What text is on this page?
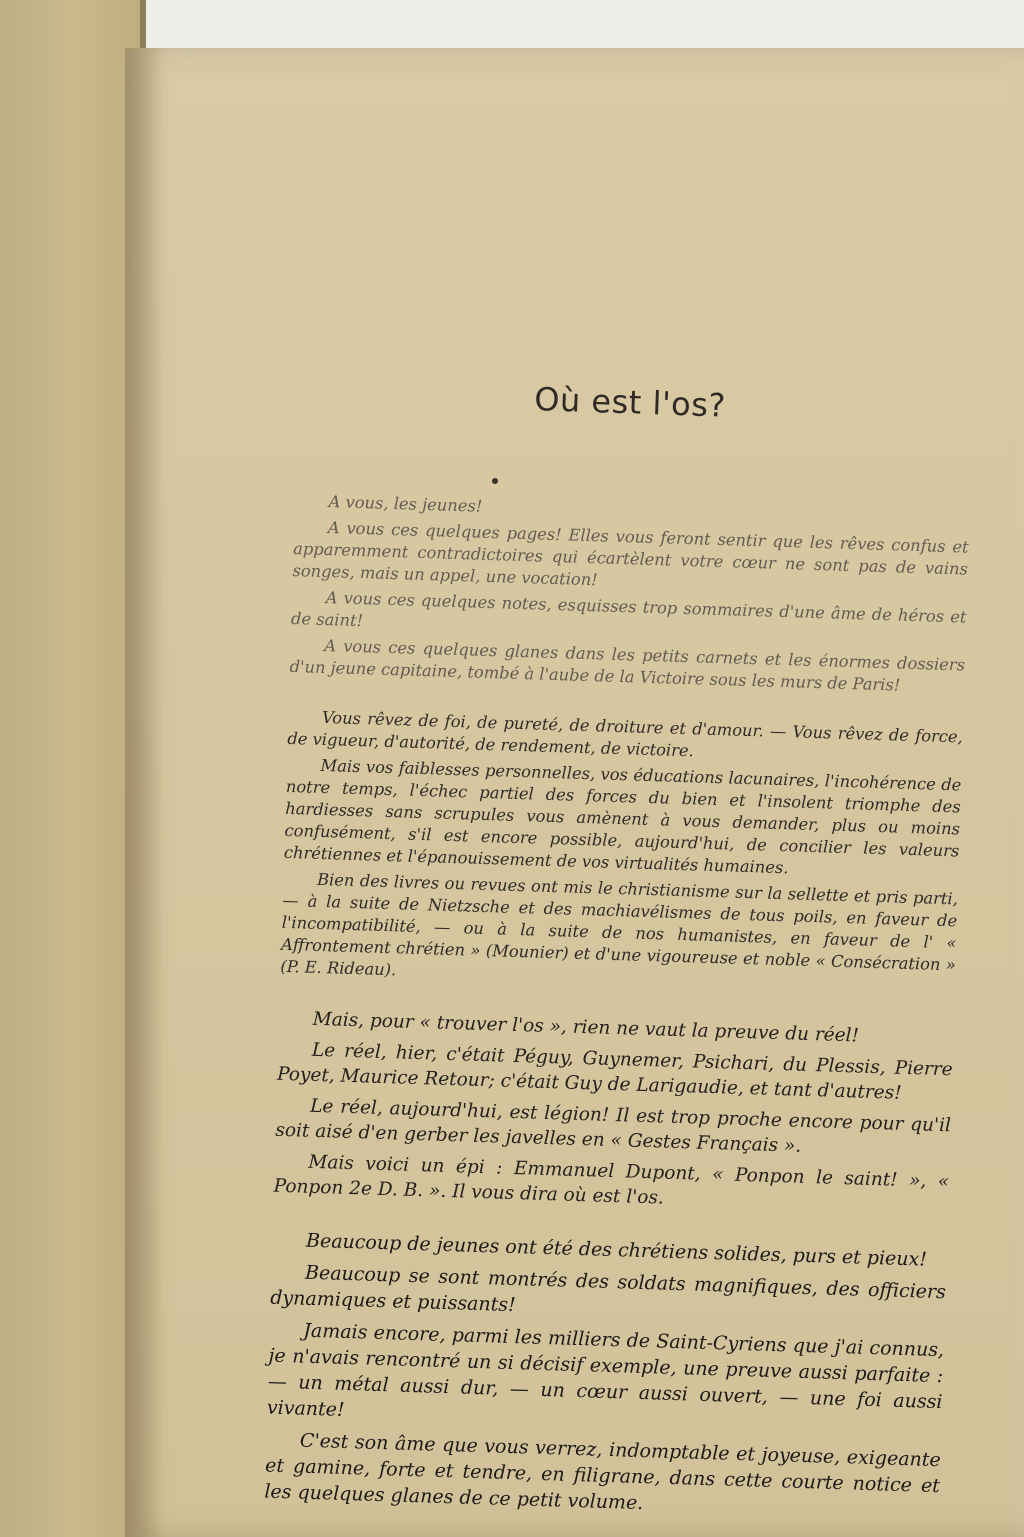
Où est l'os?

A vous, les jeunes!

A vous ces quelques pages! Elles vous feront sentir que les rêves confus et apparemment contradictoires qui écartèlent votre cœur ne sont pas de vains songes, mais un appel, une vocation!

A vous ces quelques notes, esquisses trop sommaires d'une âme de héros et de saint!

A vous ces quelques glanes dans les petits carnets et les énormes dossiers d'un jeune capitaine, tombé à l'aube de la Victoire sous les murs de Paris!

Vous rêvez de foi, de pureté, de droiture et d'amour. — Vous rêvez de force, de vigueur, d'autorité, de rendement, de victoire.

Mais vos faiblesses personnelles, vos éducations lacunaires, l'incohérence de notre temps, l'échec partiel des forces du bien et l'insolent triomphe des hardiesses sans scrupules vous amènent à vous demander, plus ou moins confusément, s'il est encore possible, aujourd'hui, de concilier les valeurs chrétiennes et l'épanouissement de vos virtualités humaines.

Bien des livres ou revues ont mis le christianisme sur la sellette et pris parti, — à la suite de Nietzsche et des machiavélismes de tous poils, en faveur de l'incompatibilité, — ou à la suite de nos humanistes, en faveur de l' « Affrontement chrétien » (Mounier) et d'une vigoureuse et noble « Consécration » (P. E. Rideau).

Mais, pour « trouver l'os », rien ne vaut la preuve du réel!

Le réel, hier, c'était Péguy, Guynemer, Psichari, du Plessis, Pierre Poyet, Maurice Retour; c'était Guy de Larigaudie, et tant d'autres!

Le réel, aujourd'hui, est légion! Il est trop proche encore pour qu'il soit aisé d'en gerber les javelles en « Gestes Français ».

Mais voici un épi : Emmanuel Dupont, « Ponpon le saint! », « Ponpon 2e D. B. ». Il vous dira où est l'os.

Beaucoup de jeunes ont été des chrétiens solides, purs et pieux!

Beaucoup se sont montrés des soldats magnifiques, des officiers dynamiques et puissants!

Jamais encore, parmi les milliers de Saint-Cyriens que j'ai connus, je n'avais rencontré un si décisif exemple, une preuve aussi parfaite : — un métal aussi dur, — un cœur aussi ouvert, — une foi aussi vivante!

C'est son âme que vous verrez, indomptable et joyeuse, exigeante et gamine, forte et tendre, en filigrane, dans cette courte notice et les quelques glanes de ce petit volume.
